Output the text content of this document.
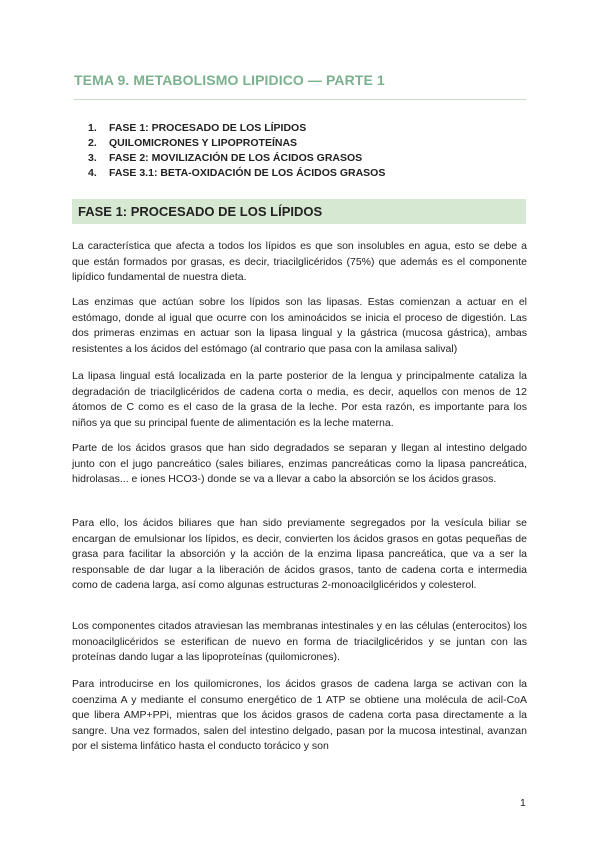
TEMA 9. METABOLISMO LIPIDICO — PARTE 1
1.	FASE 1: PROCESADO DE LOS LÍPIDOS
2.	QUILOMICRONES Y LIPOPROTEÍNAS
3.	FASE 2: MOVILIZACIÓN DE LOS ÁCIDOS GRASOS
4.	FASE 3.1: BETA-OXIDACIÓN DE LOS ÁCIDOS GRASOS
FASE 1: PROCESADO DE LOS LÍPIDOS

La característica que afecta a todos los lípidos es que son insolubles en agua, esto se debe a que están formados por grasas, es decir, triacilglicéridos (75%) que además es el componente lipídico fundamental de nuestra dieta.

Las enzimas que actúan sobre los lípidos son las lipasas. Estas comienzan a actuar en el estómago, donde al igual que ocurre con los aminoácidos se inicia el proceso de digestión. Las dos primeras enzimas en actuar son la lipasa lingual y la gástrica (mucosa gástrica), ambas resistentes a los ácidos del estómago (al contrario que pasa con la amilasa salival)

La lipasa lingual está localizada en la parte posterior de la lengua y principalmente cataliza la degradación de triacilglicéridos de cadena corta o media, es decir, aquellos con menos de 12 átomos de C como es el caso de la grasa de la leche. Por esta razón, es importante para los niños ya que su principal fuente de alimentación es la leche materna.

Parte de los ácidos grasos que han sido degradados se separan y llegan al intestino delgado junto con el jugo pancreático (sales biliares, enzimas pancreáticas como la lipasa pancreática, hidrolasas... e iones HCO3-) donde se va a llevar a cabo la absorción se los ácidos grasos.

Para ello, los ácidos biliares que han sido previamente segregados por la vesícula biliar se encargan de emulsionar los lípidos, es decir, convierten los ácidos grasos en gotas pequeñas de grasa para facilitar la absorción y la acción de la enzima lipasa pancreática, que va a ser la responsable de dar lugar a la liberación de ácidos grasos, tanto de cadena corta e intermedia como de cadena larga, así como algunas estructuras 2-monoacilglicéridos y colesterol.

Los componentes citados atraviesan las membranas intestinales y en las células (enterocitos) los monoacilglicéridos se esterifican de nuevo en forma de triacilglicéridos y se juntan con las proteínas dando lugar a las lipoproteínas (quilomicrones).

Para introducirse en los quilomicrones, los ácidos grasos de cadena larga se activan con la coenzima A y mediante el consumo energético de 1 ATP se obtiene una molécula de acil-CoA que libera AMP+PPi, mientras que los ácidos grasos de cadena corta pasa directamente a la sangre. Una vez formados, salen del intestino delgado, pasan por la mucosa intestinal, avanzan por el sistema linfático hasta el conducto torácico y son

1
